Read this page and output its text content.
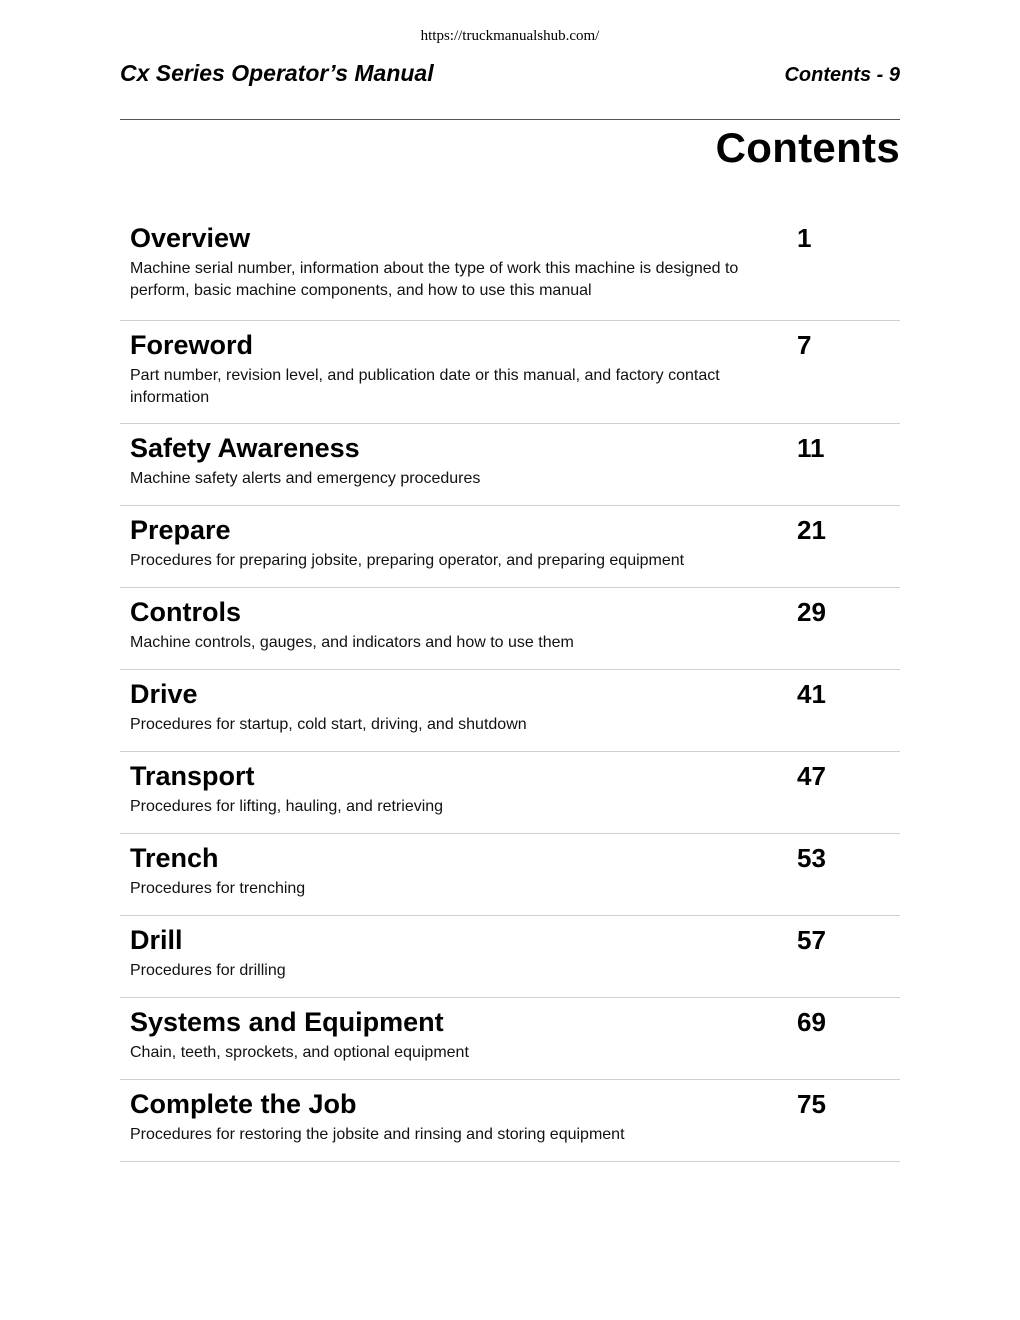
https://truckmanualshub.com/
Cx Series Operator’s Manual	Contents - 9
Contents
Overview	1
Machine serial number, information about the type of work this machine is designed to perform, basic machine components, and how to use this manual
Foreword	7
Part number, revision level, and publication date or this manual, and factory contact information
Safety Awareness	11
Machine safety alerts and emergency procedures
Prepare	21
Procedures for preparing jobsite, preparing operator, and preparing equipment
Controls	29
Machine controls, gauges, and indicators and how to use them
Drive	41
Procedures for startup, cold start, driving, and shutdown
Transport	47
Procedures for lifting, hauling, and retrieving
Trench	53
Procedures for trenching
Drill	57
Procedures for drilling
Systems and Equipment	69
Chain, teeth, sprockets, and optional equipment
Complete the Job	75
Procedures for restoring the jobsite and rinsing and storing equipment
